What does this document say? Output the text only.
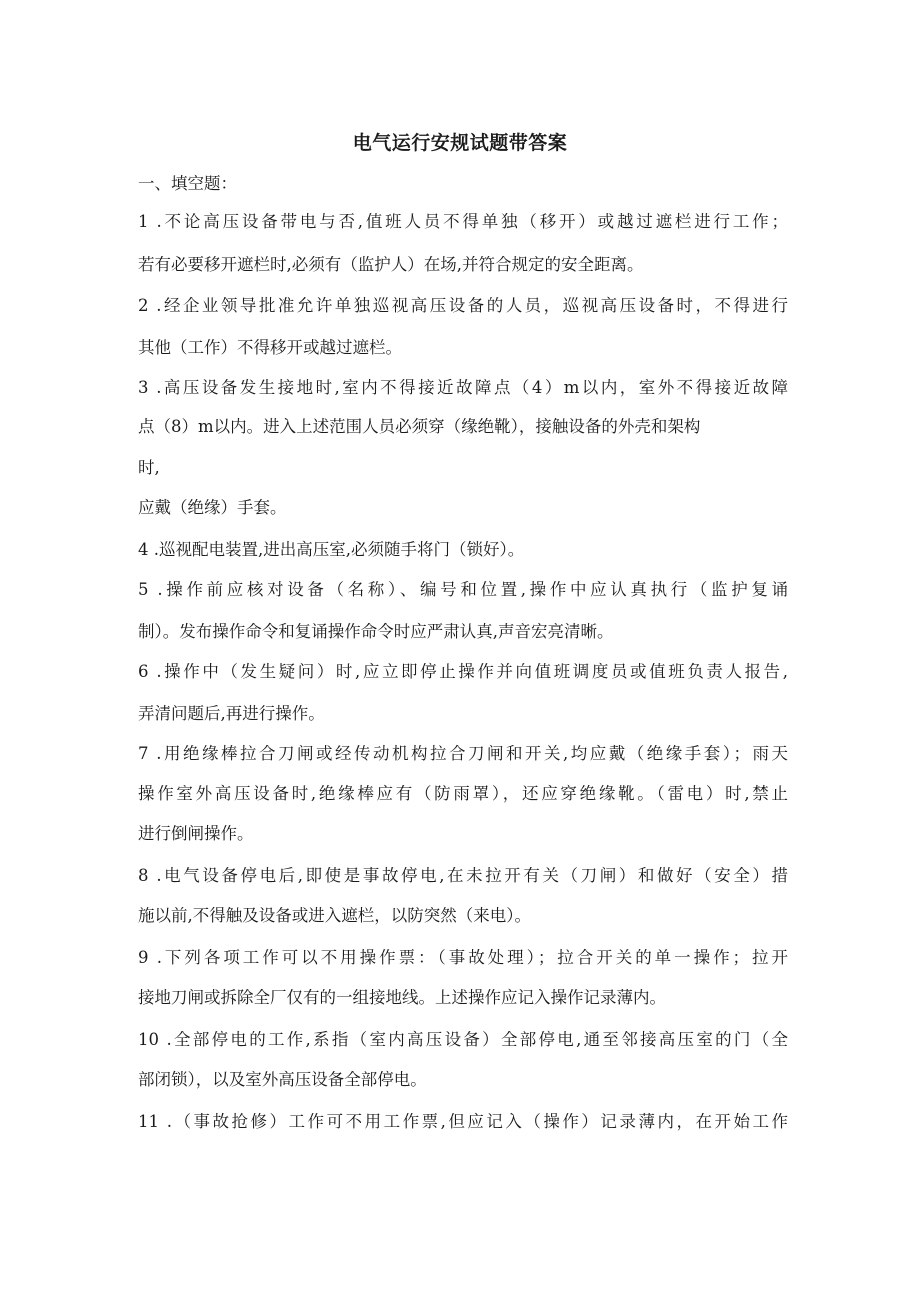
电气运行安规试题带答案
一、填空题：
1 .不论高压设备带电与否,值班人员不得单独（移开）或越过遮栏进行工作；
若有必要移开遮栏时,必须有（监护人）在场,并符合规定的安全距离。
2 .经企业领导批准允许单独巡视高压设备的人员，巡视高压设备时，不得进行
其他（工作）不得移开或越过遮栏。
3 .高压设备发生接地时,室内不得接近故障点（4）m以内，室外不得接近故障
点（8）m以内。进入上述范围人员必须穿（缘绝靴），接触设备的外壳和架构
时,
应戴（绝缘）手套。
4 .巡视配电装置,进出高压室,必须随手将门（锁好）。
5 .操作前应核对设备（名称）、编号和位置,操作中应认真执行（监护复诵
制）。发布操作命令和复诵操作命令时应严肃认真,声音宏亮清晰。
6 .操作中（发生疑问）时,应立即停止操作并向值班调度员或值班负责人报告,
弄清问题后,再进行操作。
7 .用绝缘棒拉合刀闸或经传动机构拉合刀闸和开关,均应戴（绝缘手套）；雨天
操作室外高压设备时,绝缘棒应有（防雨罩），还应穿绝缘靴。（雷电）时,禁止
进行倒闸操作。
8 .电气设备停电后,即使是事故停电,在未拉开有关（刀闸）和做好（安全）措
施以前,不得触及设备或进入遮栏，以防突然（来电）。
9 .下列各项工作可以不用操作票：（事故处理）；拉合开关的单一操作；拉开
接地刀闸或拆除全厂仅有的一组接地线。上述操作应记入操作记录薄内。
10 .全部停电的工作,系指（室内高压设备）全部停电,通至邻接高压室的门（全
部闭锁），以及室外高压设备全部停电。
11 .（事故抢修）工作可不用工作票,但应记入（操作）记录薄内，在开始工作
